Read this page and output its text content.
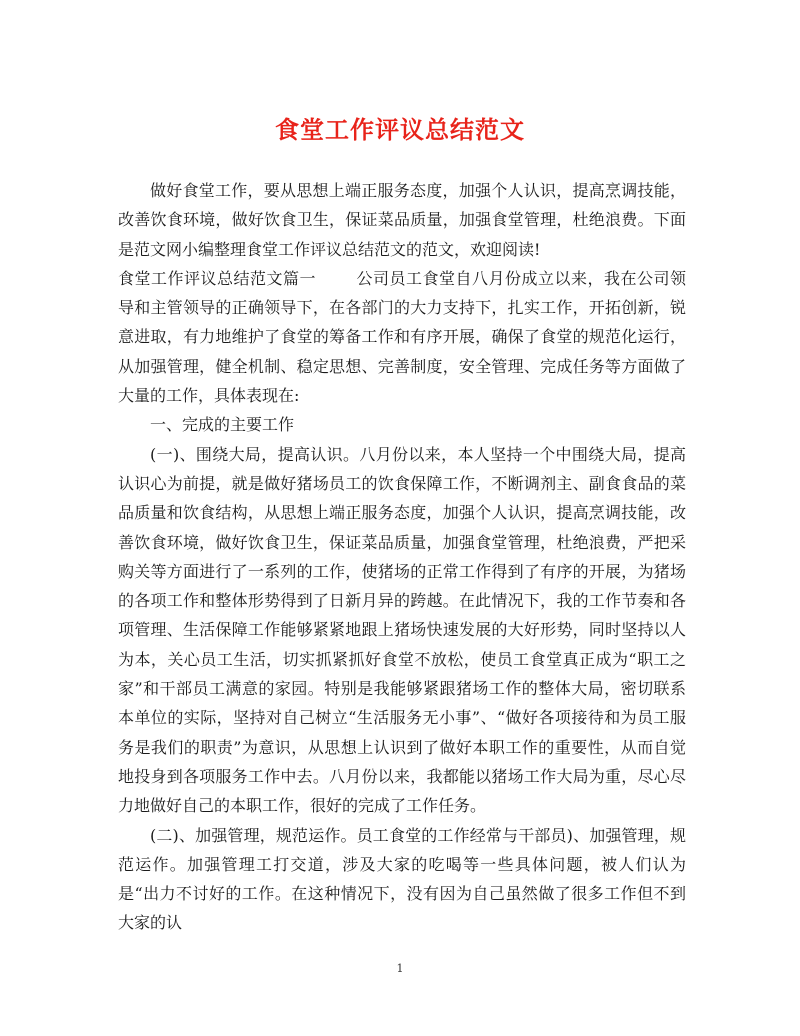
食堂工作评议总结范文

做好食堂工作，要从思想上端正服务态度，加强个人认识，提高烹调技能，改善饮食环境，做好饮食卫生，保证菜品质量，加强食堂管理，杜绝浪费。下面是范文网小编整理食堂工作评议总结范文的范文，欢迎阅读!

食堂工作评议总结范文篇一	公司员工食堂自八月份成立以来，我在公司领导和主管领导的正确领导下，在各部门的大力支持下，扎实工作，开拓创新，锐意进取，有力地维护了食堂的筹备工作和有序开展，确保了食堂的规范化运行，从加强管理，健全机制、稳定思想、完善制度，安全管理、完成任务等方面做了大量的工作，具体表现在:

一、完成的主要工作

(一)、围绕大局，提高认识。八月份以来，本人坚持一个中围绕大局，提高认识心为前提，就是做好猪场员工的饮食保障工作，不断调剂主、副食食品的菜品质量和饮食结构，从思想上端正服务态度，加强个人认识，提高烹调技能，改善饮食环境，做好饮食卫生，保证菜品质量，加强食堂管理，杜绝浪费，严把采购关等方面进行了一系列的工作，使猪场的正常工作得到了有序的开展，为猪场的各项工作和整体形势得到了日新月异的跨越。在此情况下，我的工作节奏和各项管理、生活保障工作能够紧紧地跟上猪场快速发展的大好形势，同时坚持以人为本，关心员工生活，切实抓紧抓好食堂不放松，使员工食堂真正成为“职工之家”和干部员工满意的家园。特别是我能够紧跟猪场工作的整体大局，密切联系本单位的实际，坚持对自己树立“生活服务无小事”、“做好各项接待和为员工服务是我们的职责”为意识，从思想上认识到了做好本职工作的重要性，从而自觉地投身到各项服务工作中去。八月份以来，我都能以猪场工作大局为重，尽心尽力地做好自己的本职工作，很好的完成了工作任务。

(二)、加强管理，规范运作。员工食堂的工作经常与干部员)、加强管理，规范运作。加强管理工打交道，涉及大家的吃喝等一些具体问题，被人们认为是“出力不讨好的工作。在这种情况下，没有因为自己虽然做了很多工作但不到大家的认

1
